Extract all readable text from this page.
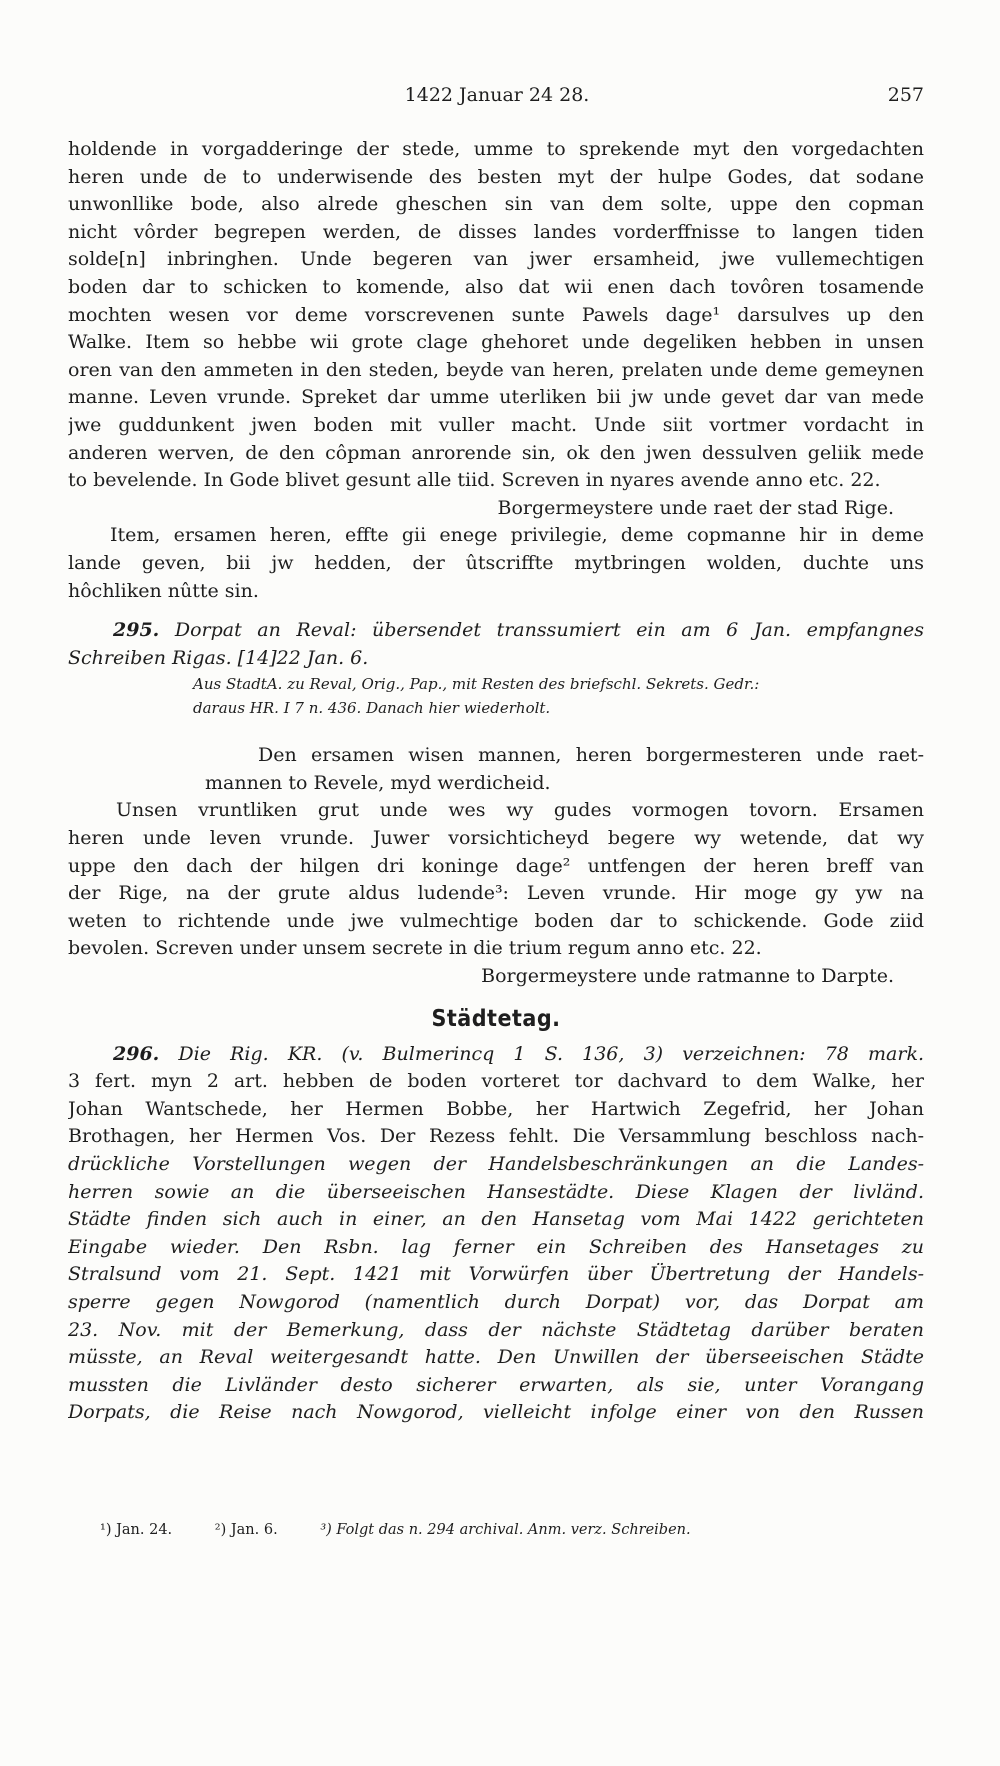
1422 Januar 24 28.	257
holdende in vorgadderinge der stede, umme to sprekende myt den vorgedachten
heren unde de to underwisende des besten myt der hulpe Godes, dat sodane
unwonllike bode, also alrede gheschen sin van dem solte, uppe den copman
nicht vôrder begrepen werden, de disses landes vorderffnisse to langen tiden
solde[n] inbringhen. Unde begeren van jwer ersamheid, jwe vullemechtigen
boden dar to schicken to komende, also dat wii enen dach tovôren tosamende
mochten wesen vor deme vorscrevenen sunte Pawels dage¹ darsulves up den
Walke. Item so hebbe wii grote clage ghehoret unde degeliken hebben in unsen
oren van den ammeten in den steden, beyde van heren, prelaten unde deme gemeynen
manne. Leven vrunde. Spreket dar umme uterliken bii jw unde gevet dar van mede
jwe guddunkent jwen boden mit vuller macht. Unde siit vortmer vordacht in
anderen werven, de den côpman anrorende sin, ok den jwen dessulven geliik mede
to bevelende. In Gode blivet gesunt alle tiid. Screven in nyares avende anno etc. 22.
Borgermeystere unde raet der stad Rige.
Item, ersamen heren, effte gii enege privilegie, deme copmanne hir in deme
lande geven, bii jw hedden, der ûtscriffte mytbringen wolden, duchte uns
hôchliken nûtte sin.
295. Dorpat an Reval: übersendet transsumiert ein am 6 Jan. empfangnes
Schreiben Rigas. [14]22 Jan. 6.
Aus StadtA. zu Reval, Orig., Pap., mit Resten des briefschl. Sekrets. Gedr.:
daraus HR. I 7 n. 436. Danach hier wiederholt.
Den ersamen wisen mannen, heren borgermesteren unde raet-
mannen to Revele, myd werdicheid.
Unsen vruntliken grut unde wes wy gudes vormogen tovorn. Ersamen
heren unde leven vrunde. Juwer vorsichticheyd begere wy wetende, dat wy
uppe den dach der hilgen dri koninge dage² untfengen der heren breff van
der Rige, na der grute aldus ludende³: Leven vrunde. Hir moge gy yw na
weten to richtende unde jwe vulmechtige boden dar to schickende. Gode ziid
bevolen. Screven under unsem secrete in die trium regum anno etc. 22.
Borgermeystere unde ratmanne to Darpte.
Städtetag.
296. Die Rig. KR. (v. Bulmerincq 1 S. 136, 3) verzeichnen: 78 mark.
3 fert. myn 2 art. hebben de boden vorteret tor dachvard to dem Walke, her
Johan Wantschede, her Hermen Bobbe, her Hartwich Zegefrid, her Johan
Brothagen, her Hermen Vos. Der Rezess fehlt. Die Versammlung beschloss nach-
drückliche Vorstellungen wegen der Handelsbeschränkungen an die Landes-
herren sowie an die überseeischen Hansestädte. Diese Klagen der livländ.
Städte finden sich auch in einer, an den Hansetag vom Mai 1422 gerichteten
Eingabe wieder. Den Rsbn. lag ferner ein Schreiben des Hansetages zu
Stralsund vom 21. Sept. 1421 mit Vorwürfen über Übertretung der Handels-
sperre gegen Nowgorod (namentlich durch Dorpat) vor, das Dorpat am
23. Nov. mit der Bemerkung, dass der nächste Städtetag darüber beraten
müsste, an Reval weitergesandt hatte. Den Unwillen der überseeischen Städte
mussten die Livländer desto sicherer erwarten, als sie, unter Vorangang
Dorpats, die Reise nach Nowgorod, vielleicht infolge einer von den Russen
¹) Jan. 24.	²) Jan. 6.	³) Folgt das n. 294 archival. Anm. verz. Schreiben.
